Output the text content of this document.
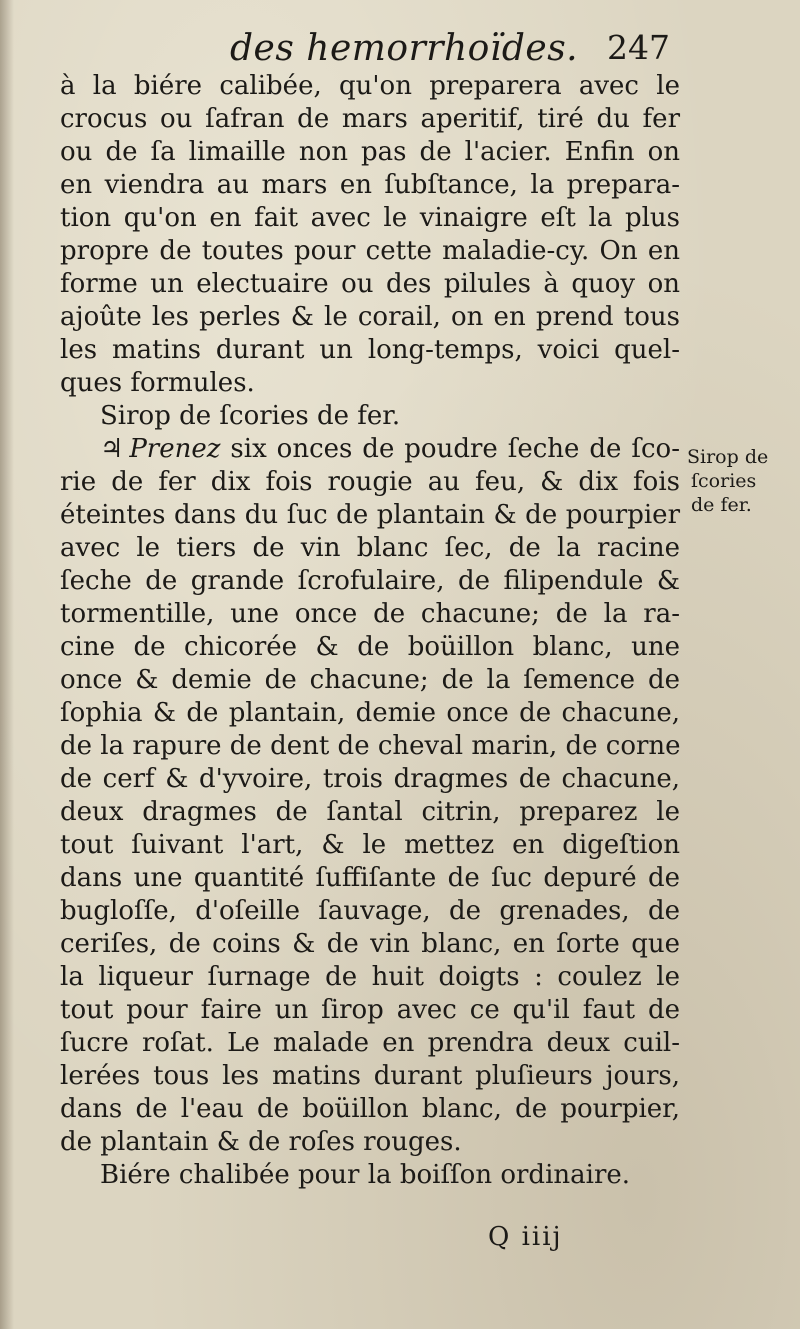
des hemorrhoïdes. 247
à la biére calibée, qu'on preparera avec le
crocus ou ſafran de mars aperitif, tiré du fer
ou de ſa limaille non pas de l'acier. Enfin on
en viendra au mars en ſubſtance, la prepara-
tion qu'on en fait avec le vinaigre eſt la plus
propre de toutes pour cette maladie-cy. On en
forme un electuaire ou des pilules à quoy on
ajoûte les perles & le corail, on en prend tous
les matins durant un long-temps, voici quel-
ques formules.
Sirop de ſcories de fer.
♃ Prenez six onces de poudre ſeche de ſco-
rie de fer dix fois rougie au feu, & dix fois
éteintes dans du ſuc de plantain & de pourpier
avec le tiers de vin blanc ſec, de la racine
ſeche de grande ſcrofulaire, de filipendule &
tormentille, une once de chacune; de la ra-
cine de chicorée & de boüillon blanc, une
once & demie de chacune; de la ſemence de
ſophia & de plantain, demie once de chacune,
de la rapure de dent de cheval marin, de corne
de cerf & d'yvoire, trois dragmes de chacune,
deux dragmes de ſantal citrin, preparez le
tout ſuivant l'art, & le mettez en digeſtion
dans une quantité ſuffiſante de ſuc depuré de
bugloſſe, d'oſeille ſauvage, de grenades, de
ceriſes, de coins & de vin blanc, en ſorte que
la liqueur ſurnage de huit doigts : coulez le
tout pour faire un ſirop avec ce qu'il faut de
ſucre roſat. Le malade en prendra deux cuil-
lerées tous les matins durant pluſieurs jours,
dans de l'eau de boüillon blanc, de pourpier,
de plantain & de roſes rouges.
Biére chalibée pour la boiſſon ordinaire.
Sirop de
ſcories
de fer.
Q iiij
